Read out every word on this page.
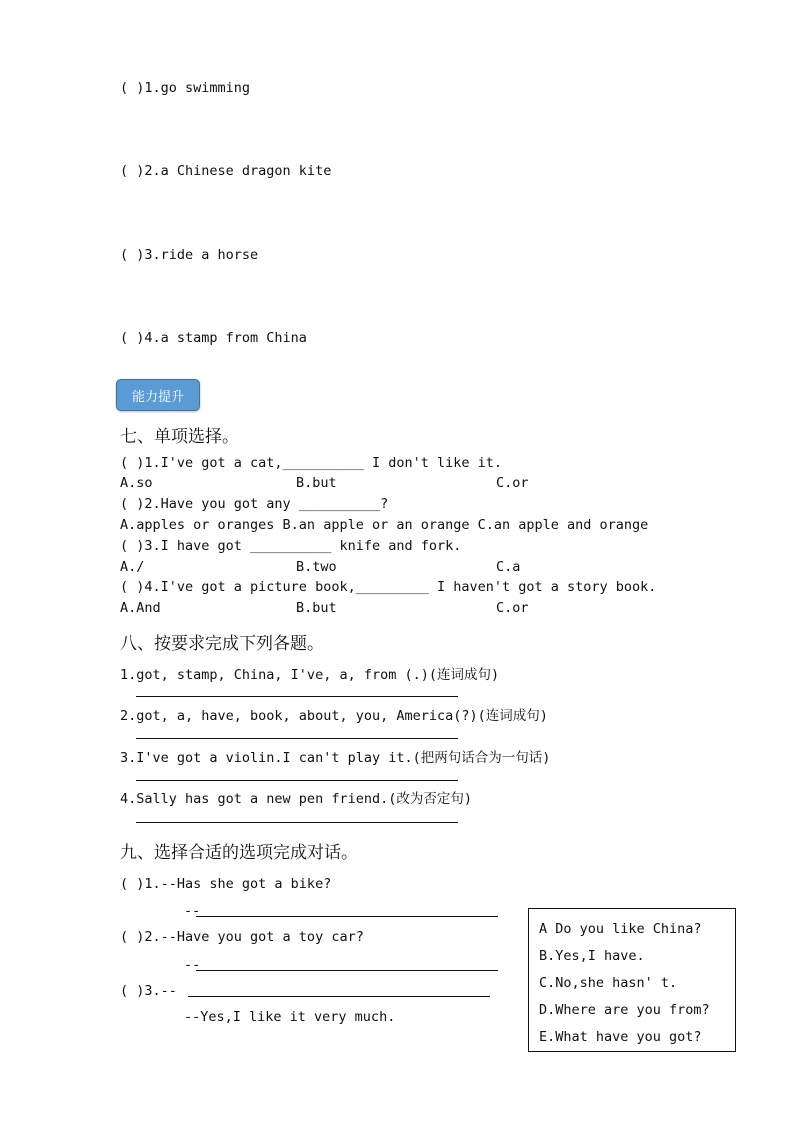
( )1.go swimming
( )2.a Chinese dragon kite
( )3.ride a horse
( )4.a stamp from China
能力提升
七、单项选择。
( )1.I've got a cat,__________ I don't like it.
A.so	B.but	C.or
( )2.Have you got any __________?
A.apples or oranges B.an apple or an orange C.an apple and orange
( )3.I have got __________ knife and fork.
A./	B.two	C.a
( )4.I've got a picture book,_________ I haven't got a story book.
A.And	B.but	C.or
八、按要求完成下列各题。
1.got, stamp, China, I've, a, from (.)(连词成句)
2.got, a, have, book, about, you, America(?)(连词成句)
3.I've got a violin.I can't play it.(把两句话合为一句话)
4.Sally has got a new pen friend.(改为否定句)
九、选择合适的选项完成对话。
( )1.--Has she got a bike?
--
( )2.--Have you got a toy car?
--
( )3.--
--Yes,I like it very much.
A Do you like China?
B.Yes,I have.
C.No,she hasn' t.
D.Where are you from?
E.What have you got?
